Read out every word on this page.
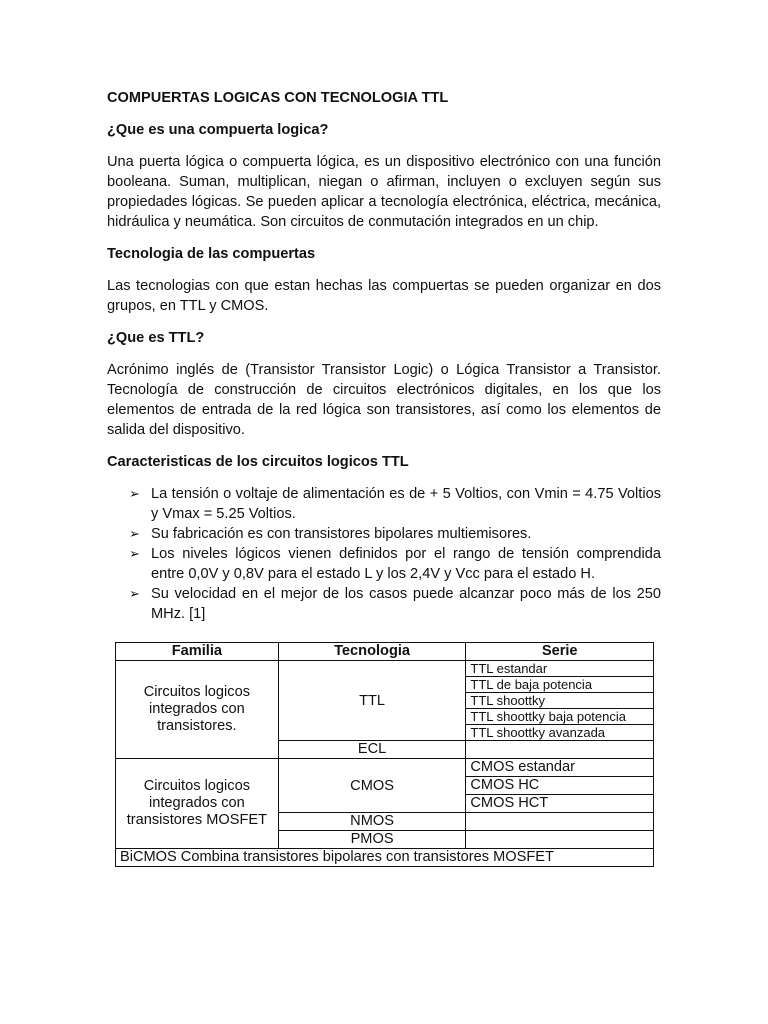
COMPUERTAS LOGICAS CON TECNOLOGIA TTL
¿Que es una compuerta logica?
Una puerta lógica o compuerta lógica, es un dispositivo electrónico con una función booleana. Suman, multiplican, niegan o afirman, incluyen o excluyen según sus propiedades lógicas. Se pueden aplicar a tecnología electrónica, eléctrica, mecánica, hidráulica y neumática. Son circuitos de conmutación integrados en un chip.
Tecnologia de las compuertas
Las tecnologias con que estan hechas las compuertas se pueden organizar en dos grupos, en TTL y CMOS.
¿Que es TTL?
Acrónimo inglés de (Transistor Transistor Logic) o Lógica Transistor a Transistor. Tecnología de construcción de circuitos electrónicos digitales, en los que los elementos de entrada de la red lógica son transistores, así como los elementos de salida del dispositivo.
Caracteristicas de los circuitos logicos TTL
➢ La tensión o voltaje de alimentación es de + 5 Voltios, con Vmin = 4.75 Voltios y Vmax = 5.25 Voltios.
➢ Su fabricación es con transistores bipolares multiemisores.
➢ Los niveles lógicos vienen definidos por el rango de tensión comprendida entre 0,0V y 0,8V para el estado L y los 2,4V y Vcc para el estado H.
➢ Su velocidad en el mejor de los casos puede alcanzar poco más de los 250 MHz. [1]
Familia	Tecnologia	Serie
Circuitos logicos integrados con transistores.	TTL	TTL estandar
		TTL de baja potencia
		TTL shoottky
		TTL shoottky baja potencia
		TTL shoottky avanzada
	ECL	
Circuitos logicos integrados con transistores MOSFET	CMOS	CMOS estandar
		CMOS HC
		CMOS HCT
	NMOS	
	PMOS	
BiCMOS Combina transistores bipolares con transistores MOSFET		
